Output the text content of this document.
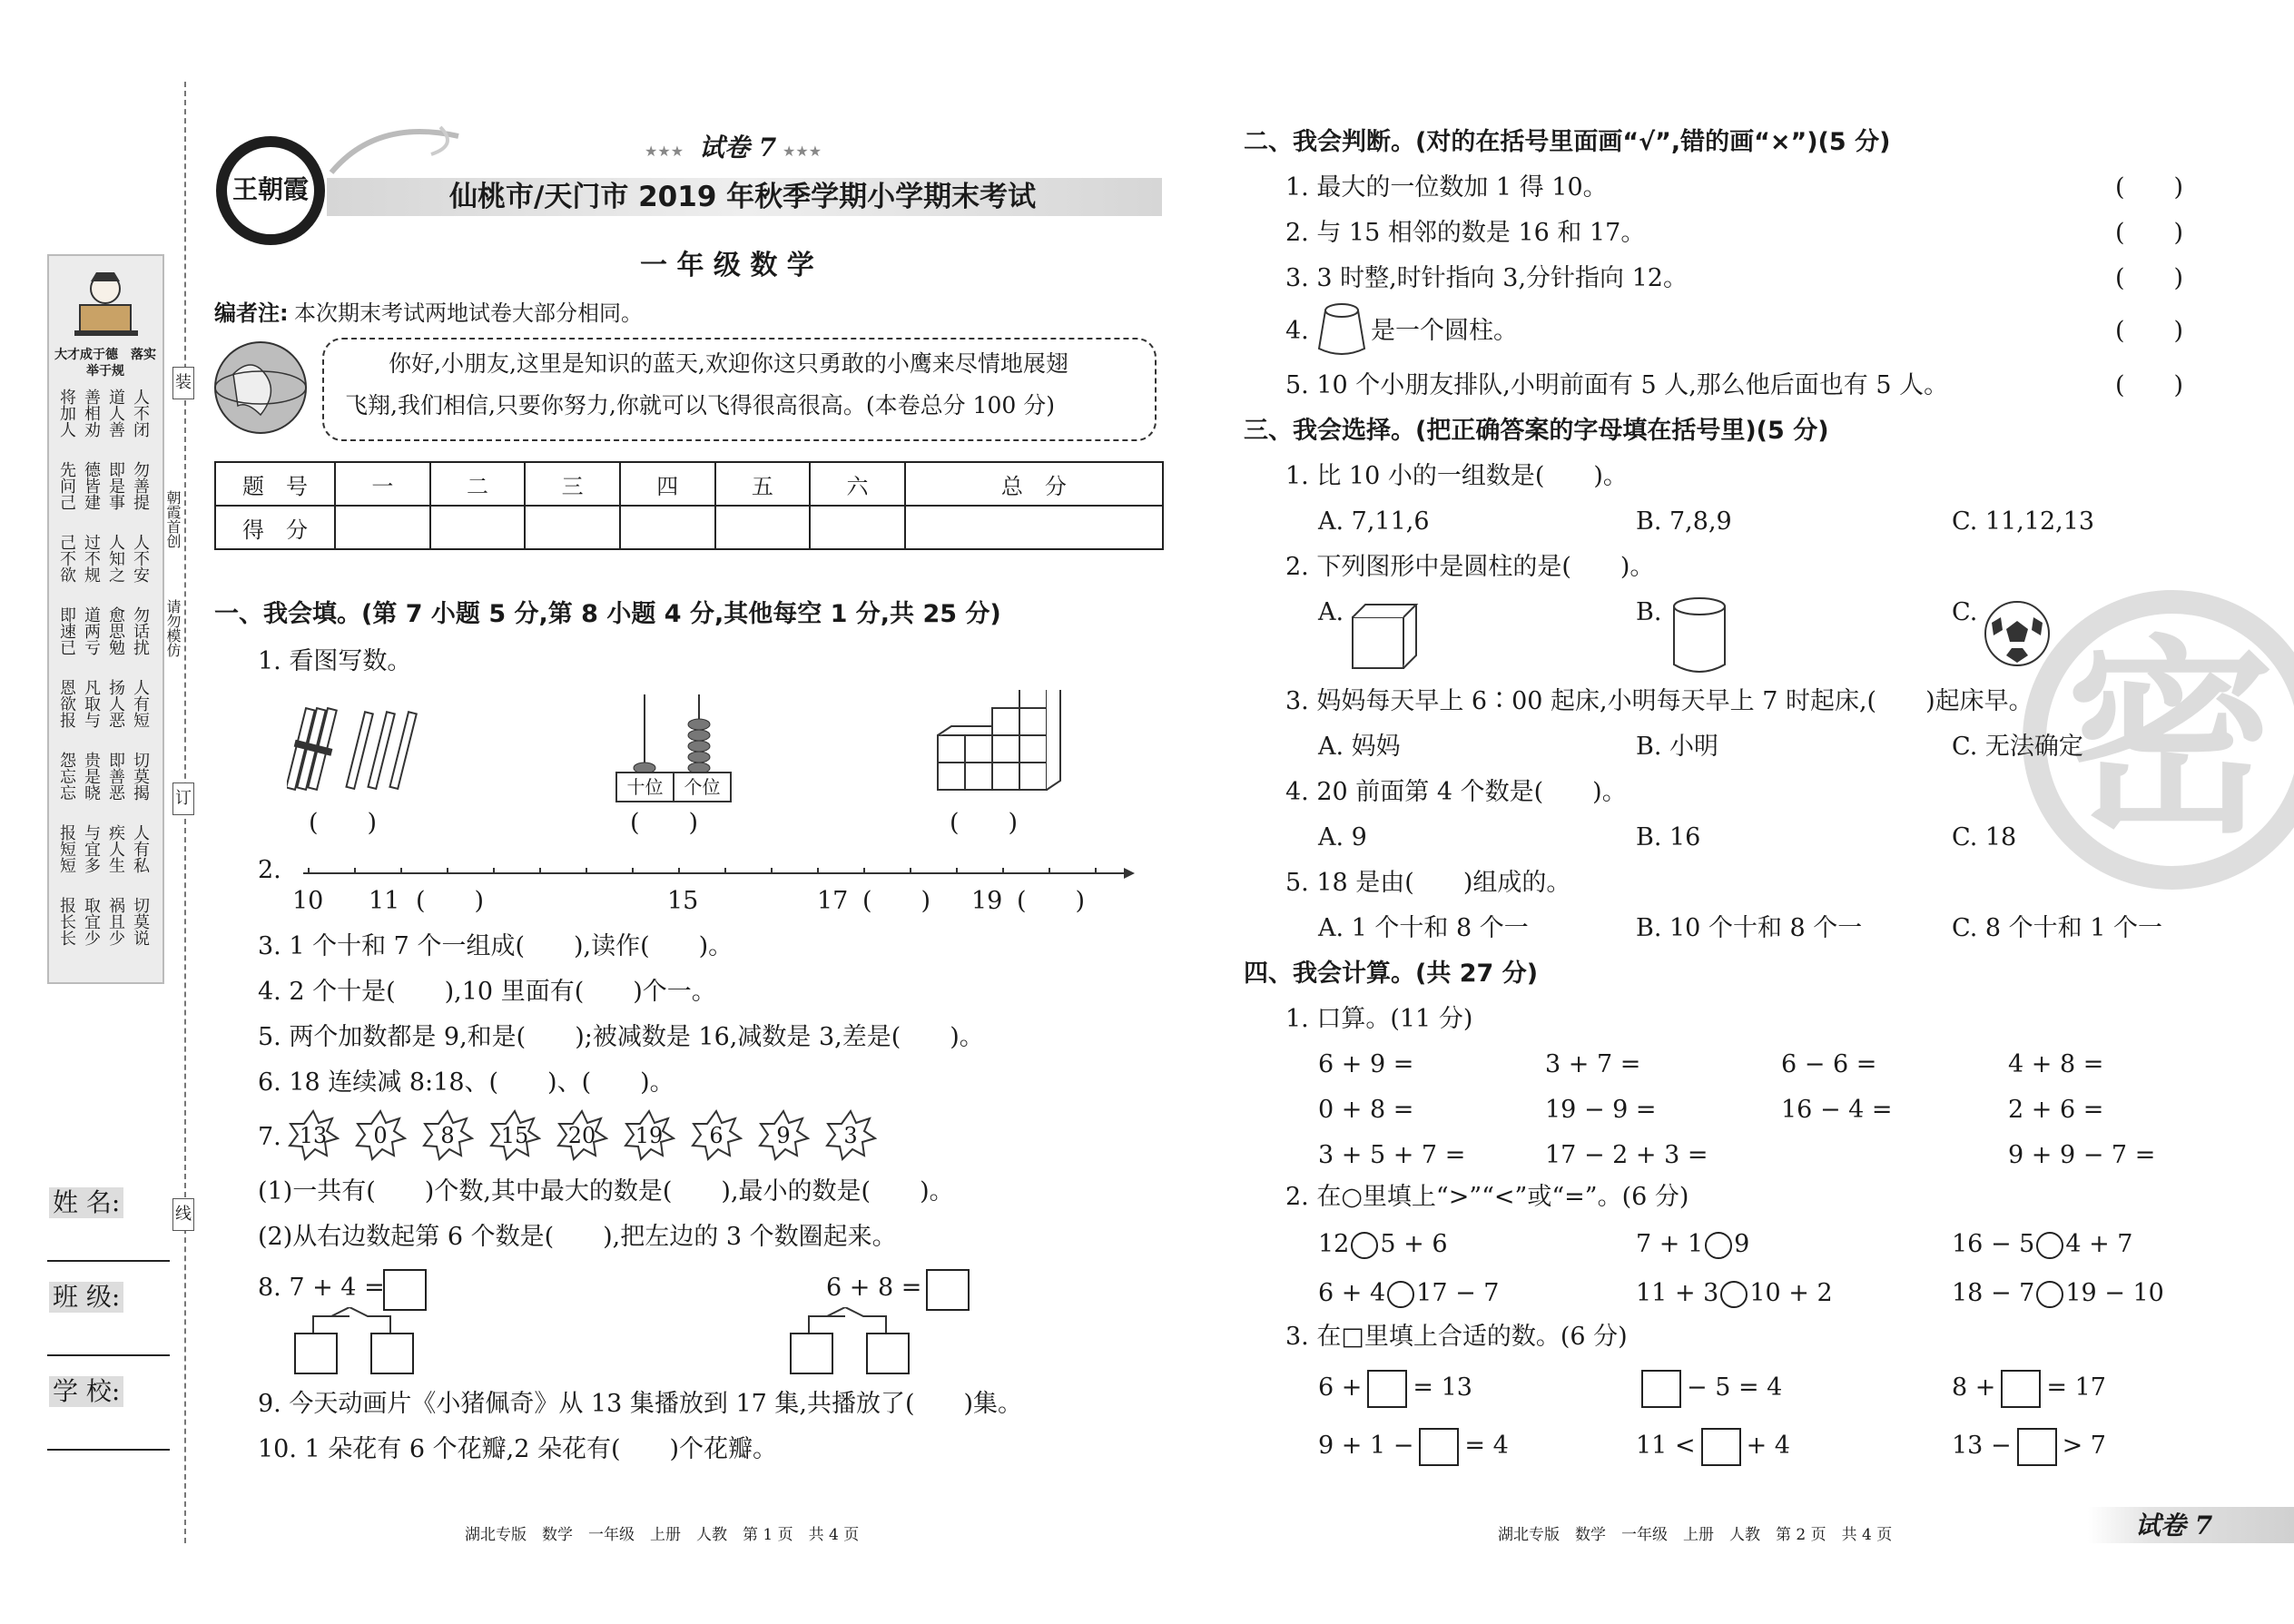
大才成于德　落实举于规
将加人 善相劝 道人善 人不闭
先问己 德皆建 即是事 勿善提
己不欲 过不规 人知之 人不安
即速已 道两亏 愈思勉 勿话扰
恩欲报 凡取与 扬人恶 人有短
怨忘忘 贵是晓 即善恶 切莫揭
报短短 与宜多 疾人生 人有私
报长长 取宜少 祸且少 切莫说
朝霞首创
请勿模仿
装
订
线
姓 名:
班 级:
学 校:
王朝霞
★★★ 试卷 7 ★★★
仙桃市/天门市 2019 年秋季学期小学期末考试
一 年 级 数 学
编者注: 本次期末考试两地试卷大部分相同。
你好,小朋友,这里是知识的蓝天,欢迎你这只勇敢的小鹰来尽情地展翅
飞翔,我们相信,只要你努力,你就可以飞得很高很高。(本卷总分 100 分)
题　号	一	二	三	四	五	六	总　分
得　分							
一、我会填。(第 7 小题 5 分,第 8 小题 4 分,其他每空 1 分,共 25 分)
1. 看图写数。
(　　)
十位	个位
(　　)	(　　)
2.
10 11 (　　)	15	17 (　　) 19 (　　)
3. 1 个十和 7 个一组成(　　),读作(　　)。
4. 2 个十是(　　),10 里面有(　　)个一。
5. 两个加数都是 9,和是(　　);被减数是 16,减数是 3,差是(　　)。
6. 18 连续减 8:18、(　　)、(　　)。
7. 13	0	8	15	20	19	6	9	3
(1)一共有(　　)个数,其中最大的数是(　　),最小的数是(　　)。
(2)从右边数起第 6 个数是(　　),把左边的 3 个数圈起来。
8. 7 + 4 =	6 + 8 =
9. 今天动画片《小猪佩奇》从 13 集播放到 17 集,共播放了(　　)集。
10. 1 朵花有 6 个花瓣,2 朵花有(　　)个花瓣。
湖北专版　数学　一年级　上册　人教　第 1 页　共 4 页
密
二、我会判断。(对的在括号里面画“√”,错的画“×”)(5 分)
1. 最大的一位数加 1 得 10。
2. 与 15 相邻的数是 16 和 17。
3. 3 时整,时针指向 3,分针指向 12。
4.	是一个圆柱。
5. 10 个小朋友排队,小明前面有 5 人,那么他后面也有 5 人。
(　　)
(　　)
(　　)
(　　)
(　　)
三、我会选择。(把正确答案的字母填在括号里)(5 分)
1. 比 10 小的一组数是(　　)。
A. 7,11,6	B. 7,8,9	C. 11,12,13
2. 下列图形中是圆柱的是(　　)。
A.	B.	C.
3. 妈妈每天早上 6∶00 起床,小明每天早上 7 时起床,(　　)起床早。
A. 妈妈	B. 小明	C. 无法确定
4. 20 前面第 4 个数是(　　)。
A. 9	B. 16	C. 18
5. 18 是由(　　)组成的。
A. 1 个十和 8 个一	B. 10 个十和 8 个一	C. 8 个十和 1 个一
四、我会计算。(共 27 分)
1. 口算。(11 分)
6 + 9 =	3 + 7 =	6 − 6 =	4 + 8 =
0 + 8 =	19 − 9 =	16 − 4 =	2 + 6 =
3 + 5 + 7 =	17 − 2 + 3 =	9 + 9 − 7 =
2. 在○里填上“>”“<”或“=”。(6 分)
12 5 + 6	7 + 1 9	16 − 5 4 + 7
6 + 4 17 − 7	11 + 3 10 + 2	18 − 7 19 − 10
3. 在□里填上合适的数。(6 分)
6 + = 13	− 5 = 4	8 + = 17
9 + 1 − = 4	11 < + 4	13 − > 7
湖北专版　数学　一年级　上册　人教　第 2 页　共 4 页	试卷 7
